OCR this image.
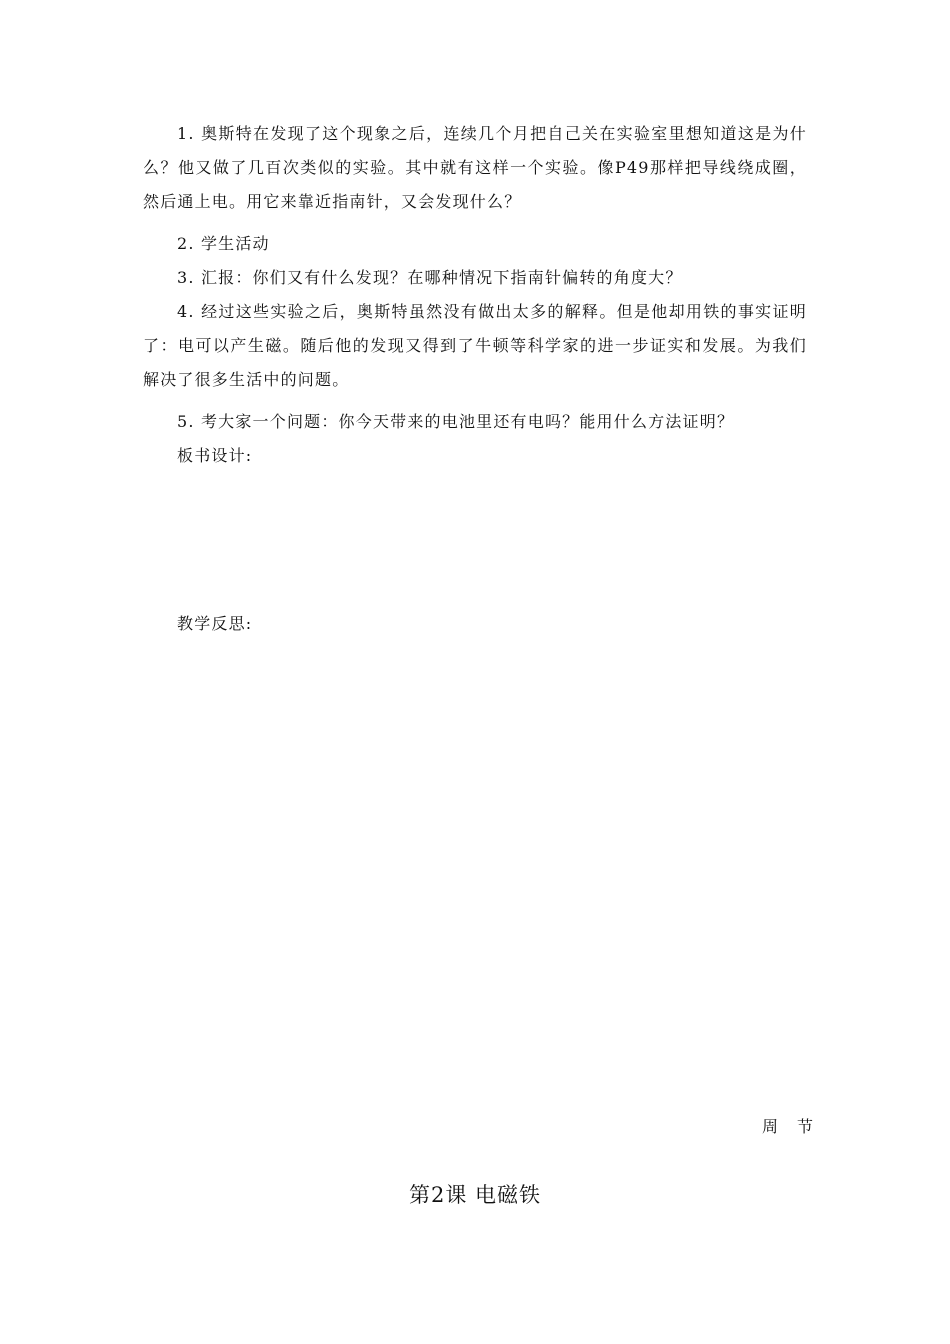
1. 奥斯特在发现了这个现象之后，连续几个月把自己关在实验室里想知道这是为什么？他又做了几百次类似的实验。其中就有这样一个实验。像P49那样把导线绕成圈，然后通上电。用它来靠近指南针，又会发现什么？

2. 学生活动

3. 汇报：你们又有什么发现？在哪种情况下指南针偏转的角度大？

4. 经过这些实验之后，奥斯特虽然没有做出太多的解释。但是他却用铁的事实证明了：电可以产生磁。随后他的发现又得到了牛顿等科学家的进一步证实和发展。为我们解决了很多生活中的问题。

5. 考大家一个问题：你今天带来的电池里还有电吗？能用什么方法证明？

板书设计:

教学反思:

周 节
第2课 电磁铁
